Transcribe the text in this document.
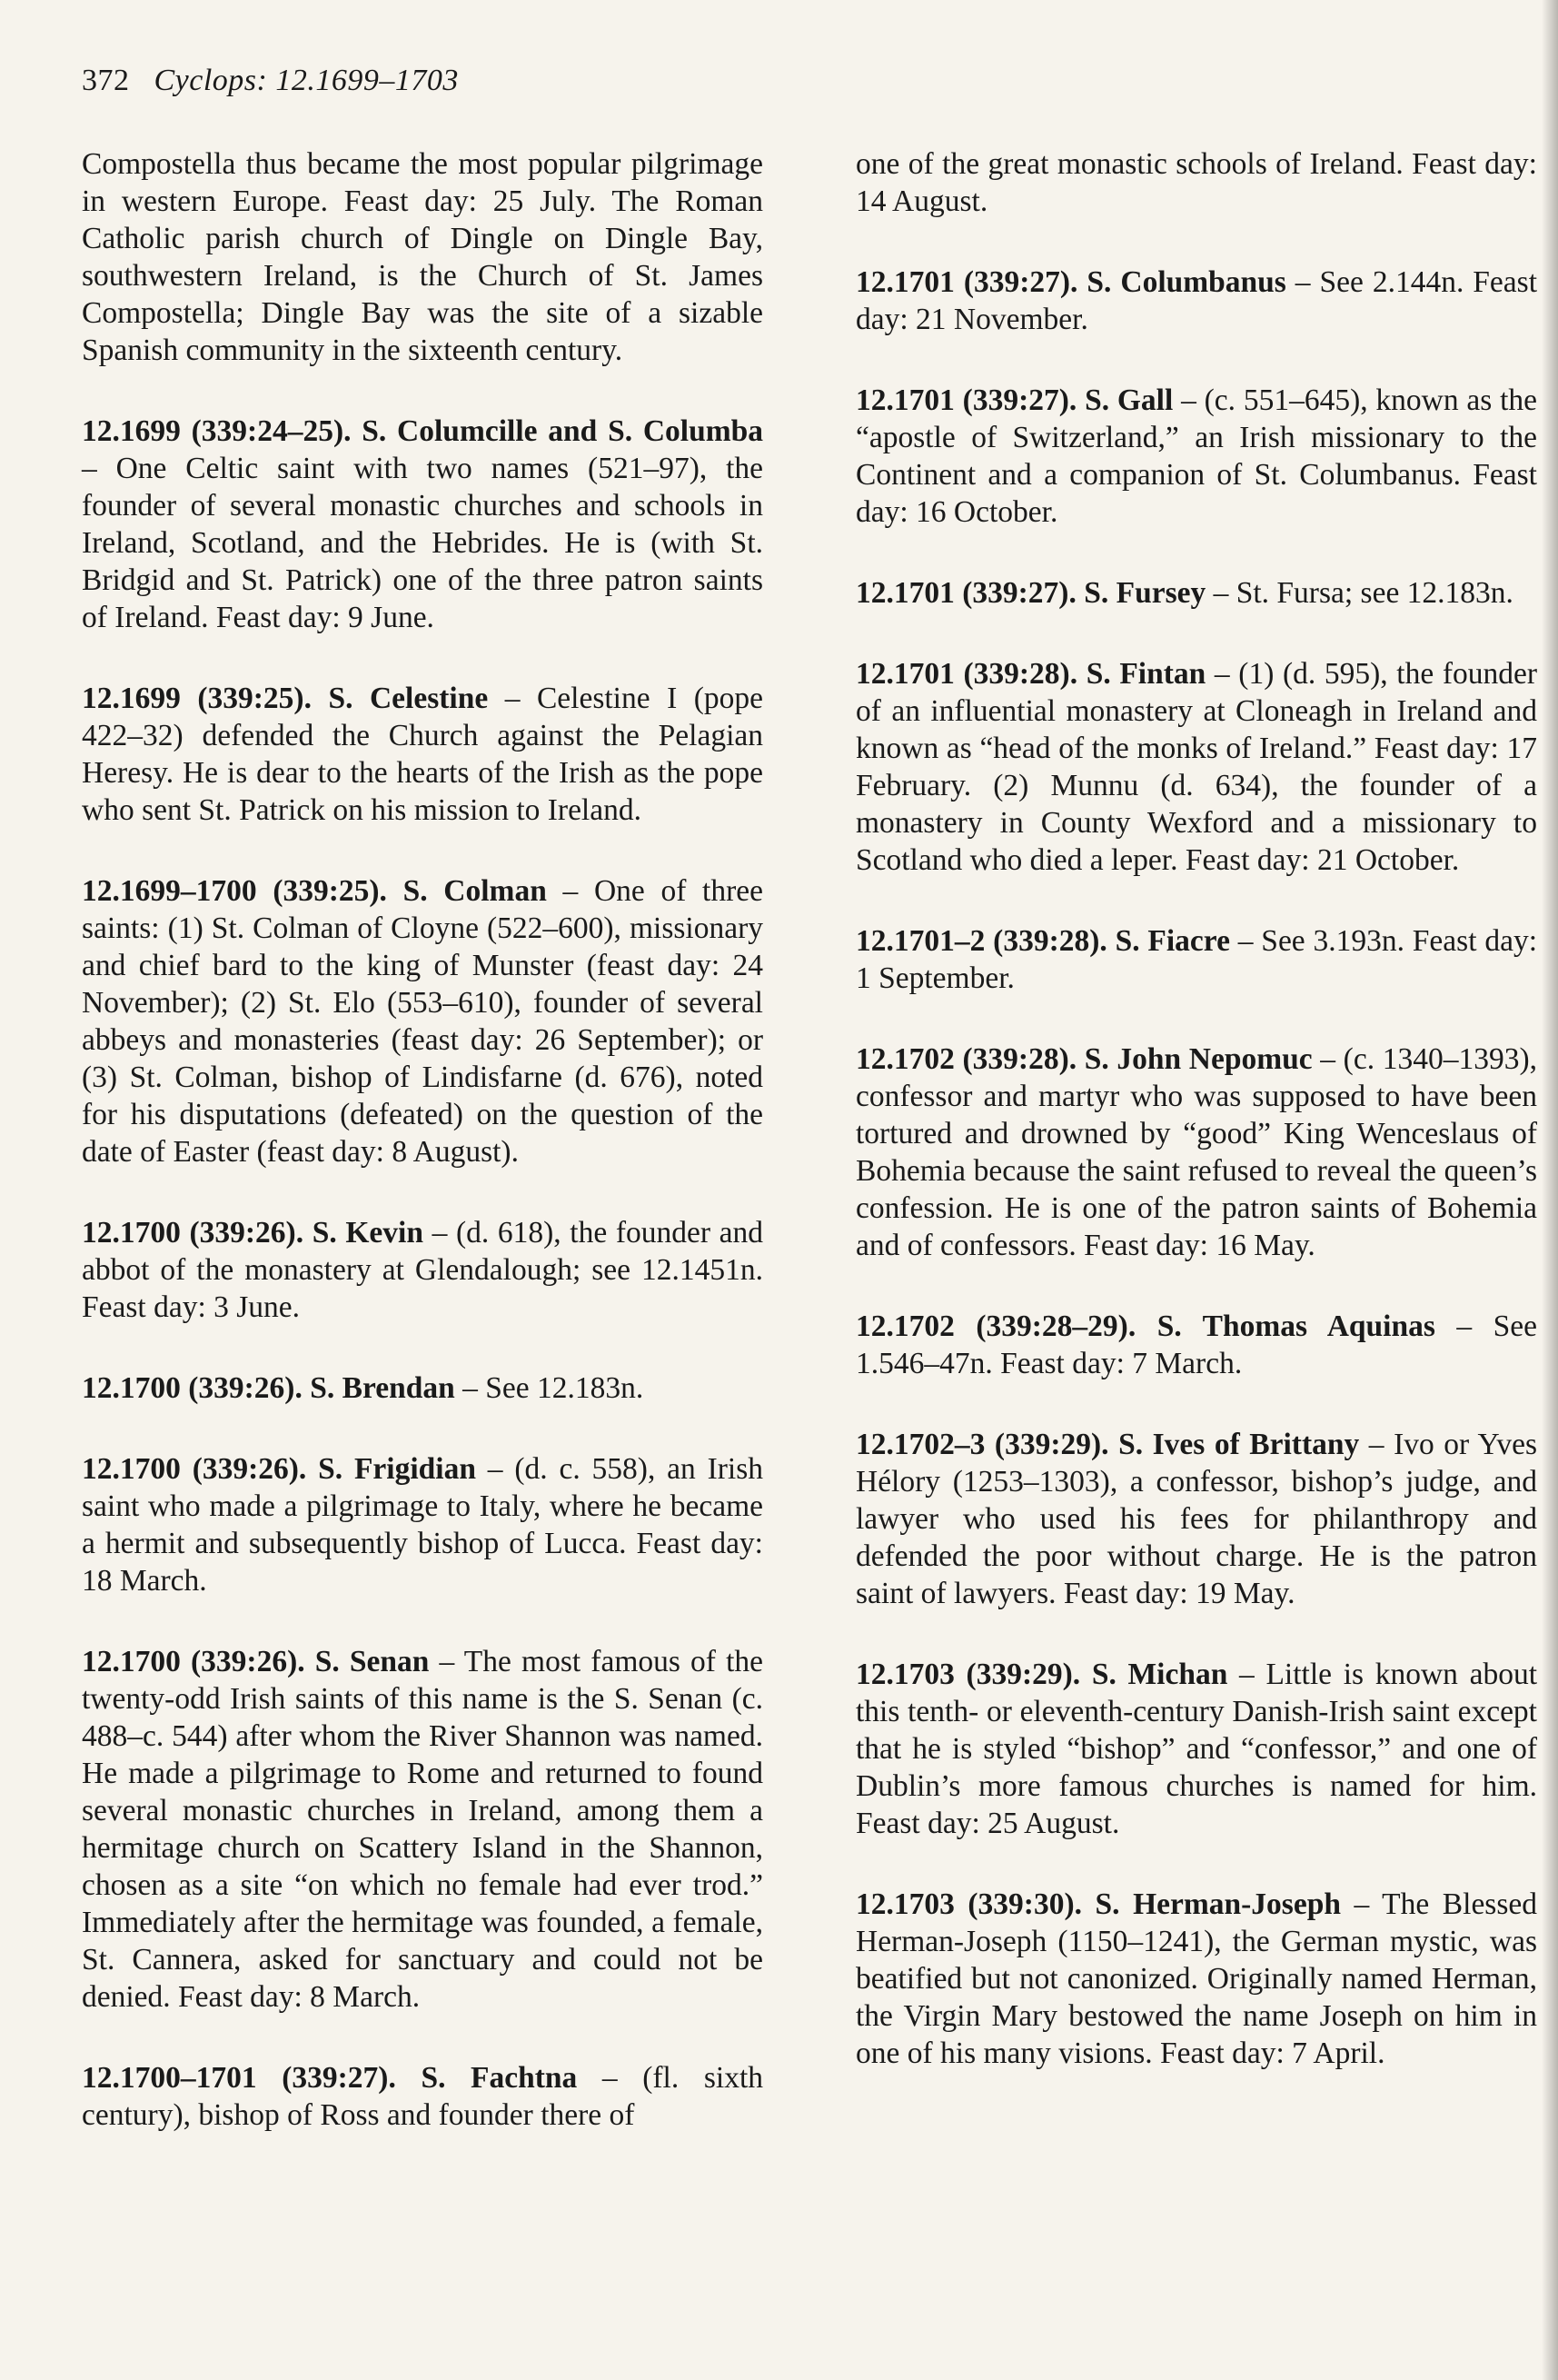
372 Cyclops: 12.1699–1703

Compostella thus became the most popular pilgrimage in western Europe. Feast day: 25 July. The Roman Catholic parish church of Dingle on Dingle Bay, southwestern Ireland, is the Church of St. James Compostella; Dingle Bay was the site of a sizable Spanish community in the sixteenth century.

12.1699 (339:24–25). S. Columcille and S. Columba – One Celtic saint with two names (521–97), the founder of several monastic churches and schools in Ireland, Scotland, and the Hebrides. He is (with St. Bridgid and St. Patrick) one of the three patron saints of Ireland. Feast day: 9 June.

12.1699 (339:25). S. Celestine – Celestine I (pope 422–32) defended the Church against the Pelagian Heresy. He is dear to the hearts of the Irish as the pope who sent St. Patrick on his mission to Ireland.

12.1699–1700 (339:25). S. Colman – One of three saints: (1) St. Colman of Cloyne (522–600), missionary and chief bard to the king of Munster (feast day: 24 November); (2) St. Elo (553–610), founder of several abbeys and monasteries (feast day: 26 September); or (3) St. Colman, bishop of Lindisfarne (d. 676), noted for his disputations (defeated) on the question of the date of Easter (feast day: 8 August).

12.1700 (339:26). S. Kevin – (d. 618), the founder and abbot of the monastery at Glendalough; see 12.1451n. Feast day: 3 June.

12.1700 (339:26). S. Brendan – See 12.183n.

12.1700 (339:26). S. Frigidian – (d. c. 558), an Irish saint who made a pilgrimage to Italy, where he became a hermit and subsequently bishop of Lucca. Feast day: 18 March.

12.1700 (339:26). S. Senan – The most famous of the twenty-odd Irish saints of this name is the S. Senan (c. 488–c. 544) after whom the River Shannon was named. He made a pilgrimage to Rome and returned to found several monastic churches in Ireland, among them a hermitage church on Scattery Island in the Shannon, chosen as a site “on which no female had ever trod.” Immediately after the hermitage was founded, a female, St. Cannera, asked for sanctuary and could not be denied. Feast day: 8 March.

12.1700–1701 (339:27). S. Fachtna – (fl. sixth century), bishop of Ross and founder there of

one of the great monastic schools of Ireland. Feast day: 14 August.

12.1701 (339:27). S. Columbanus – See 2.144n. Feast day: 21 November.

12.1701 (339:27). S. Gall – (c. 551–645), known as the “apostle of Switzerland,” an Irish missionary to the Continent and a companion of St. Columbanus. Feast day: 16 October.

12.1701 (339:27). S. Fursey – St. Fursa; see 12.183n.

12.1701 (339:28). S. Fintan – (1) (d. 595), the founder of an influential monastery at Cloneagh in Ireland and known as “head of the monks of Ireland.” Feast day: 17 February. (2) Munnu (d. 634), the founder of a monastery in County Wexford and a missionary to Scotland who died a leper. Feast day: 21 October.

12.1701–2 (339:28). S. Fiacre – See 3.193n. Feast day: 1 September.

12.1702 (339:28). S. John Nepomuc – (c. 1340–1393), confessor and martyr who was supposed to have been tortured and drowned by “good” King Wenceslaus of Bohemia because the saint refused to reveal the queen’s confession. He is one of the patron saints of Bohemia and of confessors. Feast day: 16 May.

12.1702 (339:28–29). S. Thomas Aquinas – See 1.546–47n. Feast day: 7 March.

12.1702–3 (339:29). S. Ives of Brittany – Ivo or Yves Hélory (1253–1303), a confessor, bishop’s judge, and lawyer who used his fees for philanthropy and defended the poor without charge. He is the patron saint of lawyers. Feast day: 19 May.

12.1703 (339:29). S. Michan – Little is known about this tenth- or eleventh-century Danish-Irish saint except that he is styled “bishop” and “confessor,” and one of Dublin’s more famous churches is named for him. Feast day: 25 August.

12.1703 (339:30). S. Herman-Joseph – The Blessed Herman-Joseph (1150–1241), the German mystic, was beatified but not canonized. Originally named Herman, the Virgin Mary bestowed the name Joseph on him in one of his many visions. Feast day: 7 April.
